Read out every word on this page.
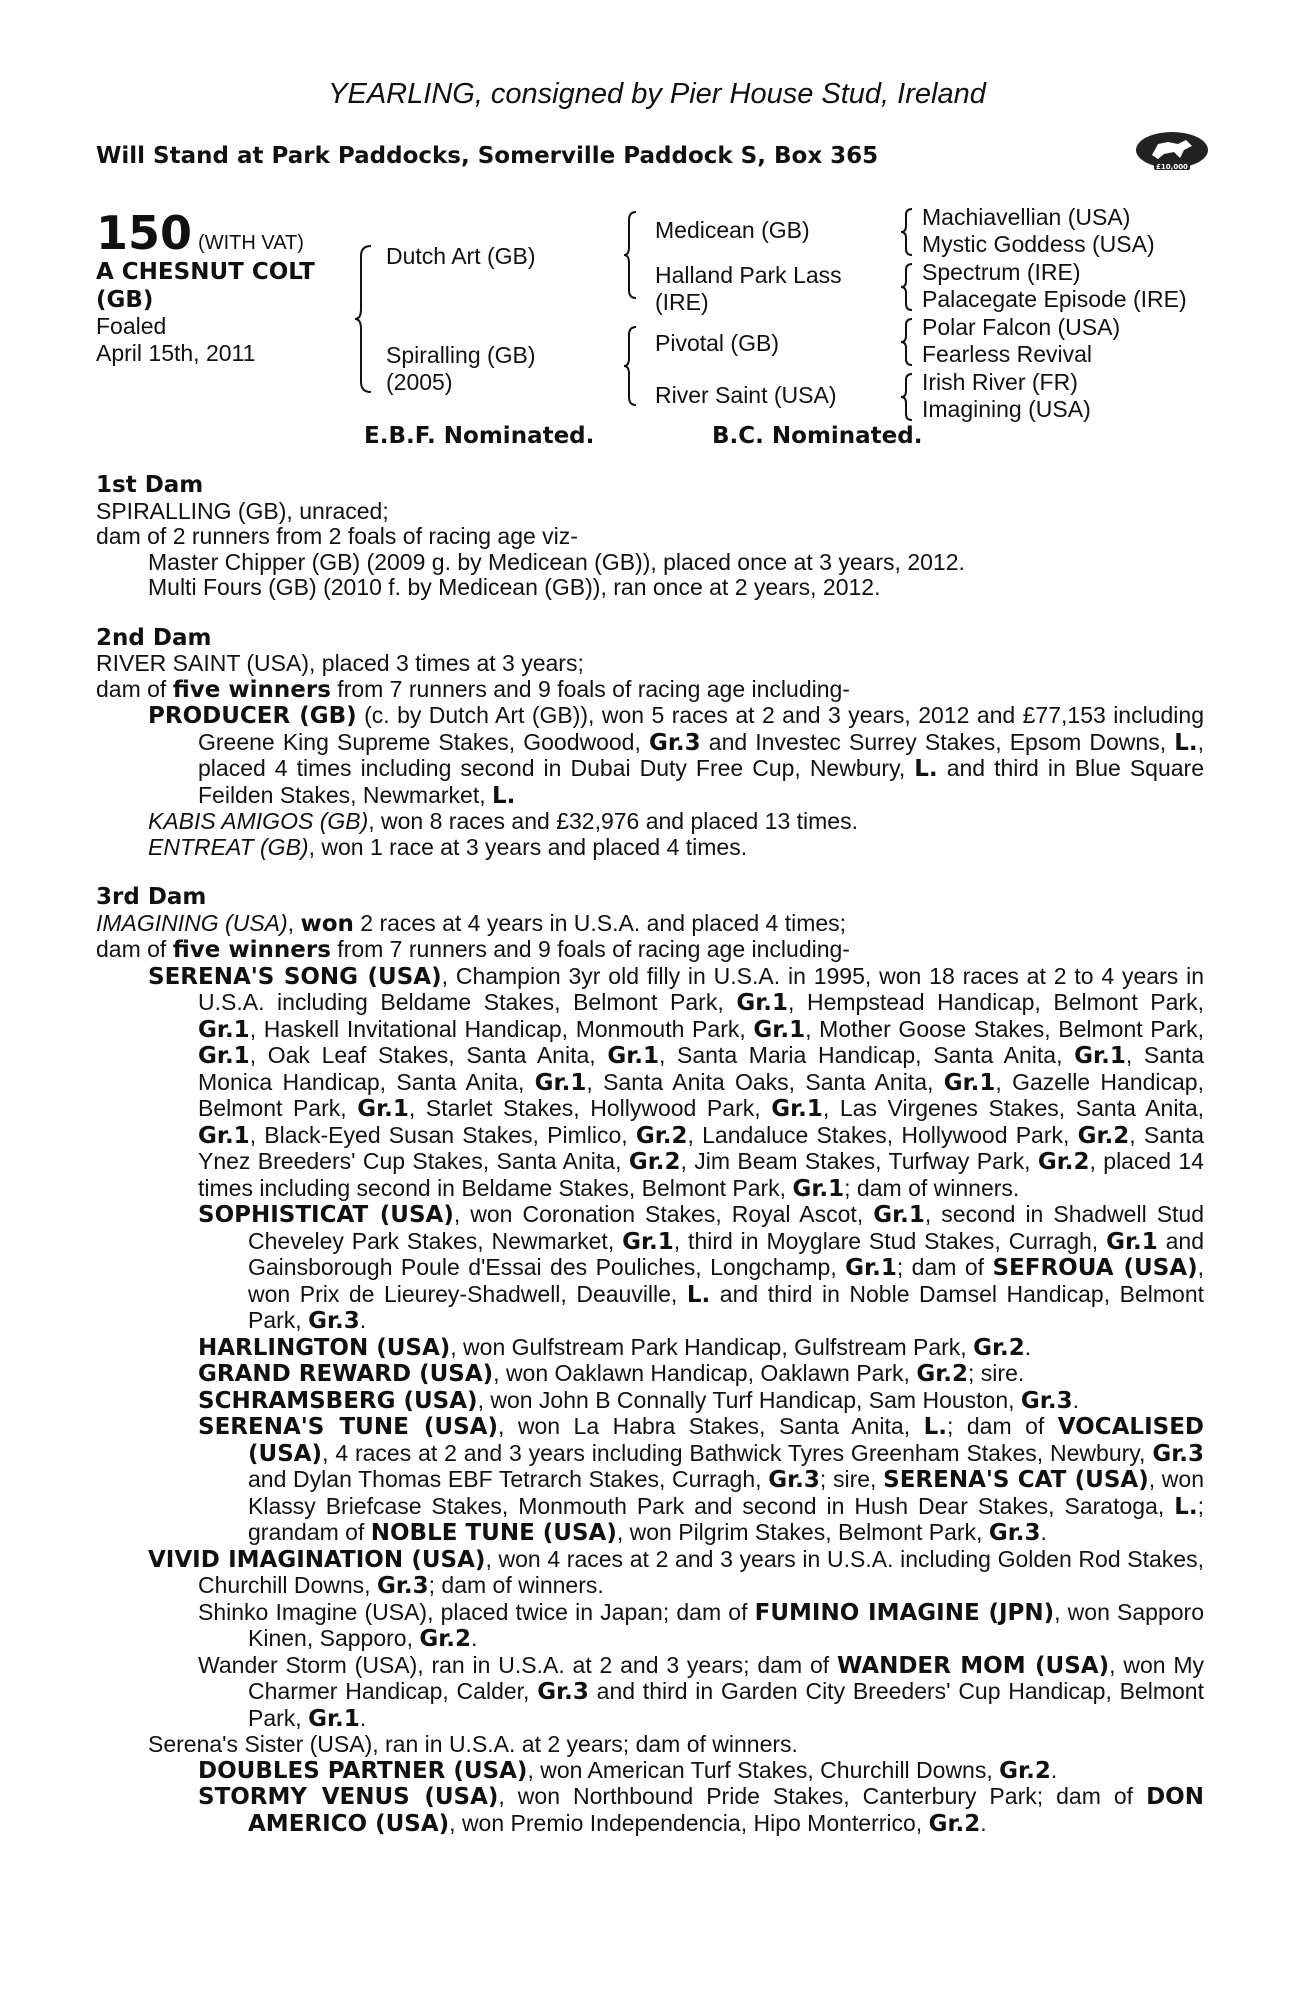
YEARLING, consigned by Pier House Stud, Ireland
Will Stand at Park Paddocks, Somerville Paddock S, Box 365	£10,000
150 (WITH VAT)
A CHESNUT COLT
(GB)
Foaled
April 15th, 2011
Dutch Art (GB)
Spiralling (GB)
(2005)
Medicean (GB)
Halland Park Lass
(IRE)
Pivotal (GB)
River Saint (USA)
Machiavellian (USA)
Mystic Goddess (USA)
Spectrum (IRE)
Palacegate Episode (IRE)
Polar Falcon (USA)
Fearless Revival
Irish River (FR)
Imagining (USA)
E.B.F. Nominated.	B.C. Nominated.

1st Dam

SPIRALLING (GB), unraced;

dam of 2 runners from 2 foals of racing age viz-

Master Chipper (GB) (2009 g. by Medicean (GB)), placed once at 3 years, 2012.

Multi Fours (GB) (2010 f. by Medicean (GB)), ran once at 2 years, 2012.

2nd Dam

RIVER SAINT (USA), placed 3 times at 3 years;

dam of five winners from 7 runners and 9 foals of racing age including-

PRODUCER (GB) (c. by Dutch Art (GB)), won 5 races at 2 and 3 years, 2012 and £77,153 including Greene King Supreme Stakes, Goodwood, Gr.3 and Investec Surrey Stakes, Epsom Downs, L., placed 4 times including second in Dubai Duty Free Cup, Newbury, L. and third in Blue Square Feilden Stakes, Newmarket, L.

KABIS AMIGOS (GB), won 8 races and £32,976 and placed 13 times.

ENTREAT (GB), won 1 race at 3 years and placed 4 times.

3rd Dam

IMAGINING (USA), won 2 races at 4 years in U.S.A. and placed 4 times;

dam of five winners from 7 runners and 9 foals of racing age including-

SERENA'S SONG (USA), Champion 3yr old filly in U.S.A. in 1995, won 18 races at 2 to 4 years in U.S.A. including Beldame Stakes, Belmont Park, Gr.1, Hempstead Handicap, Belmont Park, Gr.1, Haskell Invitational Handicap, Monmouth Park, Gr.1, Mother Goose Stakes, Belmont Park, Gr.1, Oak Leaf Stakes, Santa Anita, Gr.1, Santa Maria Handicap, Santa Anita, Gr.1, Santa Monica Handicap, Santa Anita, Gr.1, Santa Anita Oaks, Santa Anita, Gr.1, Gazelle Handicap, Belmont Park, Gr.1, Starlet Stakes, Hollywood Park, Gr.1, Las Virgenes Stakes, Santa Anita, Gr.1, Black-Eyed Susan Stakes, Pimlico, Gr.2, Landaluce Stakes, Hollywood Park, Gr.2, Santa Ynez Breeders' Cup Stakes, Santa Anita, Gr.2, Jim Beam Stakes, Turfway Park, Gr.2, placed 14 times including second in Beldame Stakes, Belmont Park, Gr.1; dam of winners.

SOPHISTICAT (USA), won Coronation Stakes, Royal Ascot, Gr.1, second in Shadwell Stud Cheveley Park Stakes, Newmarket, Gr.1, third in Moyglare Stud Stakes, Curragh, Gr.1 and Gainsborough Poule d'Essai des Pouliches, Longchamp, Gr.1; dam of SEFROUA (USA), won Prix de Lieurey-Shadwell, Deauville, L. and third in Noble Damsel Handicap, Belmont Park, Gr.3.

HARLINGTON (USA), won Gulfstream Park Handicap, Gulfstream Park, Gr.2.

GRAND REWARD (USA), won Oaklawn Handicap, Oaklawn Park, Gr.2; sire.

SCHRAMSBERG (USA), won John B Connally Turf Handicap, Sam Houston, Gr.3.

SERENA'S TUNE (USA), won La Habra Stakes, Santa Anita, L.; dam of VOCALISED (USA), 4 races at 2 and 3 years including Bathwick Tyres Greenham Stakes, Newbury, Gr.3 and Dylan Thomas EBF Tetrarch Stakes, Curragh, Gr.3; sire, SERENA'S CAT (USA), won Klassy Briefcase Stakes, Monmouth Park and second in Hush Dear Stakes, Saratoga, L.; grandam of NOBLE TUNE (USA), won Pilgrim Stakes, Belmont Park, Gr.3.

VIVID IMAGINATION (USA), won 4 races at 2 and 3 years in U.S.A. including Golden Rod Stakes, Churchill Downs, Gr.3; dam of winners.

Shinko Imagine (USA), placed twice in Japan; dam of FUMINO IMAGINE (JPN), won Sapporo Kinen, Sapporo, Gr.2.

Wander Storm (USA), ran in U.S.A. at 2 and 3 years; dam of WANDER MOM (USA), won My Charmer Handicap, Calder, Gr.3 and third in Garden City Breeders' Cup Handicap, Belmont Park, Gr.1.

Serena's Sister (USA), ran in U.S.A. at 2 years; dam of winners.

DOUBLES PARTNER (USA), won American Turf Stakes, Churchill Downs, Gr.2.

STORMY VENUS (USA), won Northbound Pride Stakes, Canterbury Park; dam of DON AMERICO (USA), won Premio Independencia, Hipo Monterrico, Gr.2.
